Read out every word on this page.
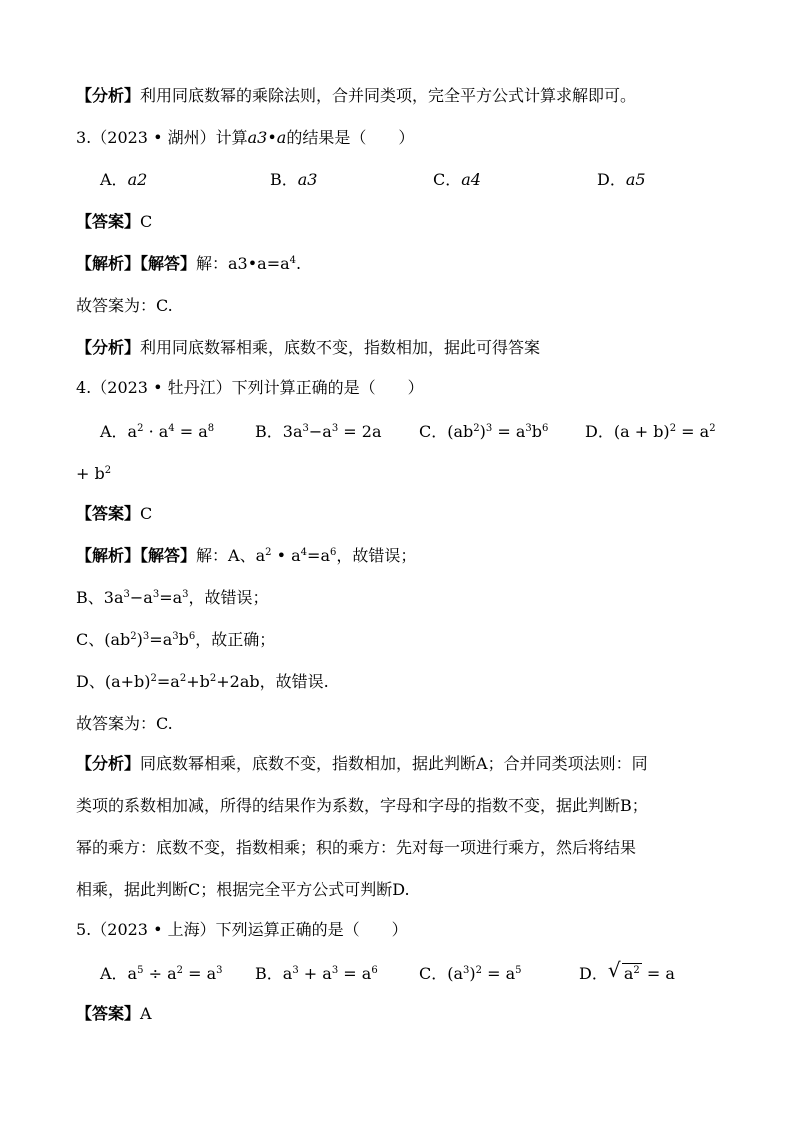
【分析】利用同底数幂的乘除法则，合并同类项，完全平方公式计算求解即可。
3.（2023 • 湖州）计算a3•a的结果是（　　）
A．a2	B．a3	C．a4	D．a5
【答案】C
【解析】【解答】解：$a3•a=a^4$.
故答案为：C.
【分析】利用同底数幂相乘，底数不变，指数相加，据此可得答案
4.（2023 • 牡丹江）下列计算正确的是（　　）
A．$a^2 \cdot a^4 = a^8$	B．$3a^3-a^3 = 2a$ C．$(ab^2)^3 = a^3b^6$ D．$(a + b)^2 = a^2$
+ $b^2$
【答案】C
【解析】【解答】解：A、$a^2$ • $a^4=a^6$，故错误；
B、$3a^3-a^3=a^3$，故错误；
C、$(ab^2)^3=a^3b^6$，故正确；
D、$(a+b)^2=a^2+b^2+2ab$，故错误.
故答案为：C.
【分析】同底数幂相乘，底数不变，指数相加，据此判断A；合并同类项法则：同
类项的系数相加减，所得的结果作为系数，字母和字母的指数不变，据此判断B；
幂的乘方：底数不变，指数相乘；积的乘方：先对每一项进行乘方，然后将结果
相乘，据此判断C；根据完全平方公式可判断D.
5.（2023 • 上海）下列运算正确的是（　　）
A．$a^5 \div a^2 = a^3$ B．$a^3 + a^3 = a^6$	C．$(a^3)^2 = a^5$	D． √ $a^2 = a$
【答案】A
